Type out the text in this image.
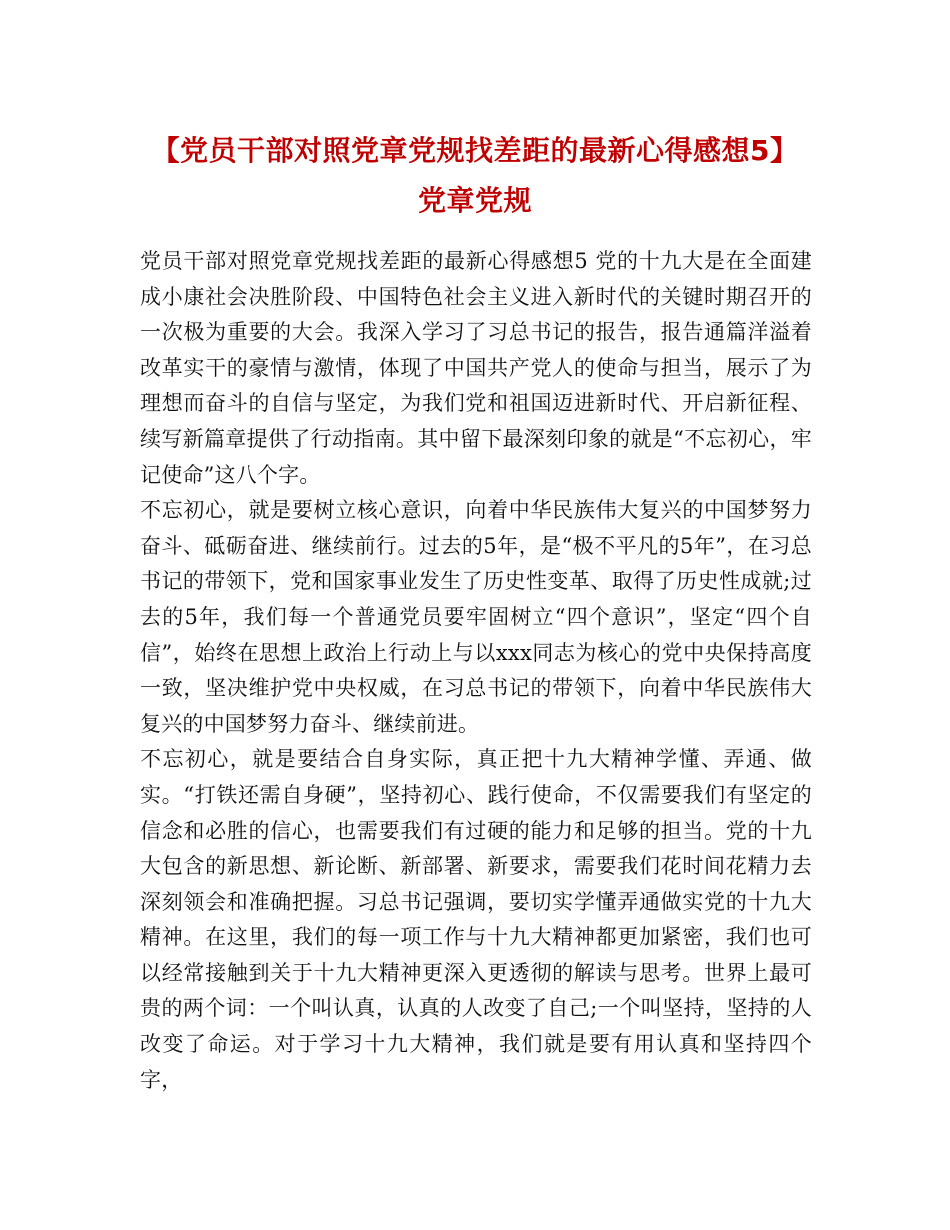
【党员干部对照党章党规找差距的最新心得感想5】党章党规

党员干部对照党章党规找差距的最新心得感想5 党的十九大是在全面建成小康社会决胜阶段、中国特色社会主义进入新时代的关键时期召开的一次极为重要的大会。我深入学习了习总书记的报告，报告通篇洋溢着改革实干的豪情与激情，体现了中国共产党人的使命与担当，展示了为理想而奋斗的自信与坚定，为我们党和祖国迈进新时代、开启新征程、续写新篇章提供了行动指南。其中留下最深刻印象的就是“不忘初心，牢记使命”这八个字。

不忘初心，就是要树立核心意识，向着中华民族伟大复兴的中国梦努力奋斗、砥砺奋进、继续前行。过去的5年，是“极不平凡的5年”，在习总书记的带领下，党和国家事业发生了历史性变革、取得了历史性成就;过去的5年，我们每一个普通党员要牢固树立“四个意识”，坚定“四个自信”，始终在思想上政治上行动上与以xxx同志为核心的党中央保持高度一致，坚决维护党中央权威，在习总书记的带领下，向着中华民族伟大复兴的中国梦努力奋斗、继续前进。

不忘初心，就是要结合自身实际，真正把十九大精神学懂、弄通、做实。“打铁还需自身硬”，坚持初心、践行使命，不仅需要我们有坚定的信念和必胜的信心，也需要我们有过硬的能力和足够的担当。党的十九大包含的新思想、新论断、新部署、新要求，需要我们花时间花精力去深刻领会和准确把握。习总书记强调，要切实学懂弄通做实党的十九大精神。在这里，我们的每一项工作与十九大精神都更加紧密，我们也可以经常接触到关于十九大精神更深入更透彻的解读与思考。世界上最可贵的两个词：一个叫认真，认真的人改变了自己;一个叫坚持，坚持的人改变了命运。对于学习十九大精神，我们就是要有用认真和坚持四个字，
